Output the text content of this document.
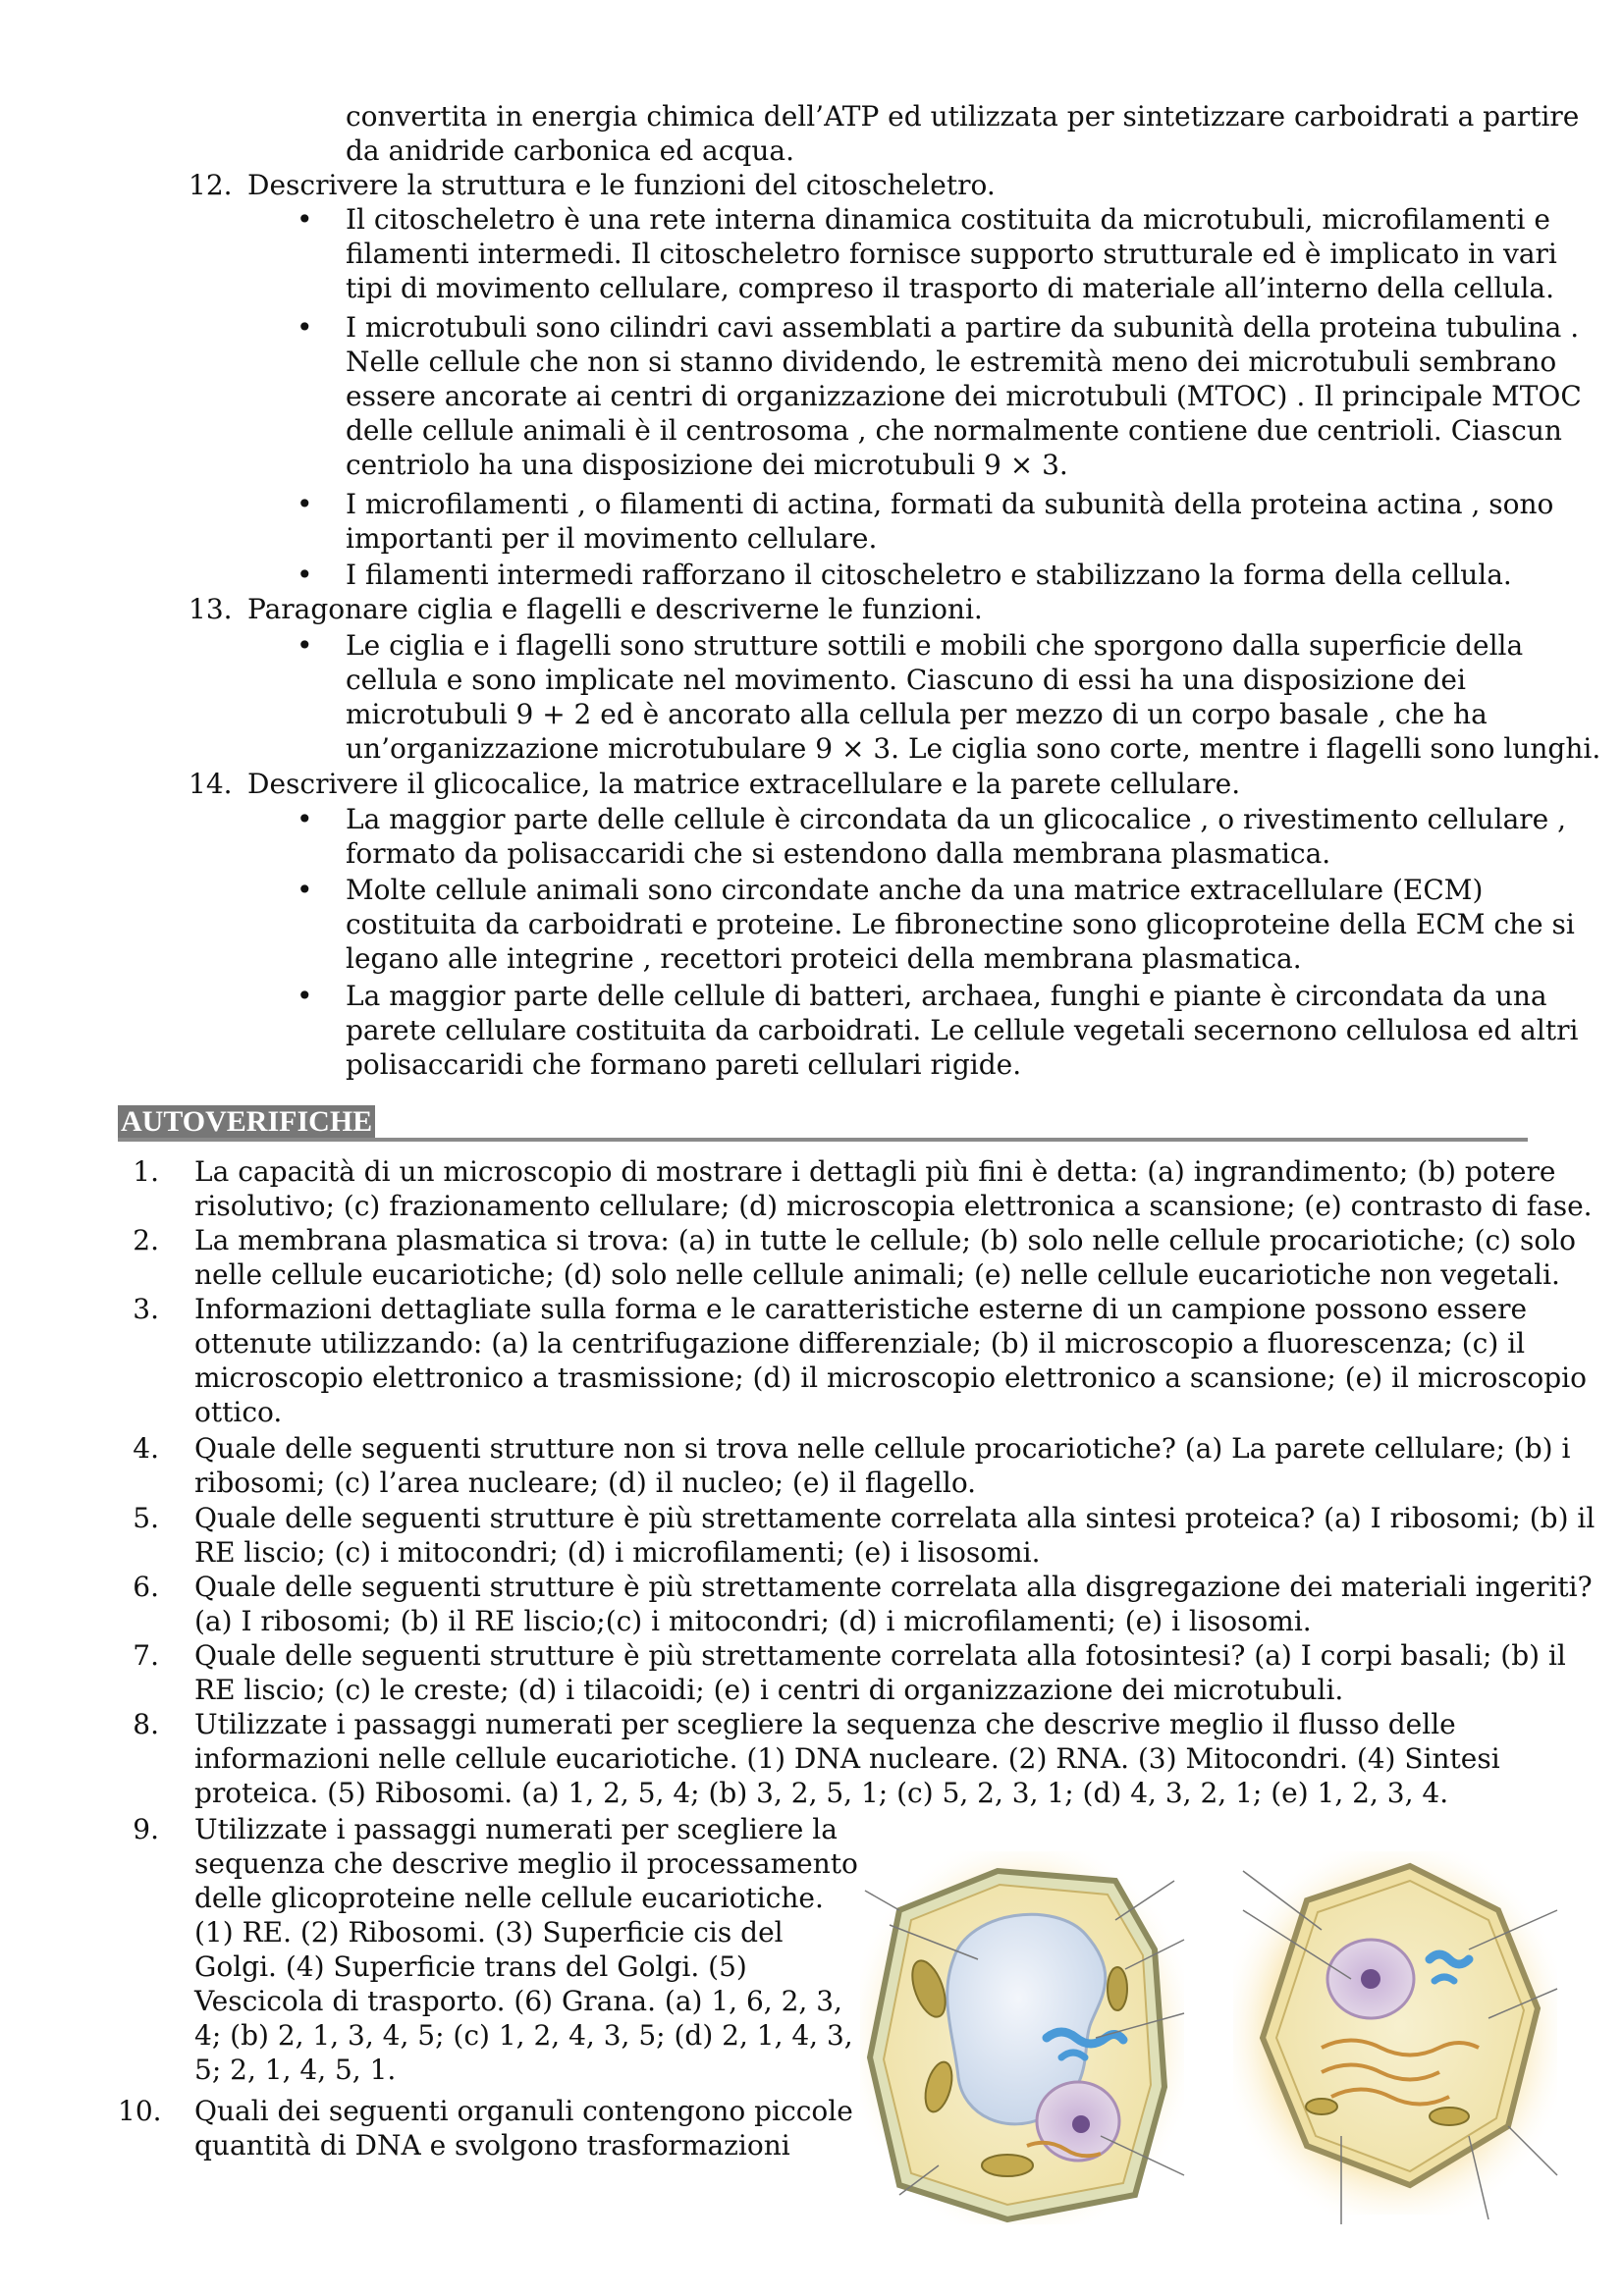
convertita in energia chimica dell’ATP ed utilizzata per sintetizzare carboidrati a partire
da anidride carbonica ed acqua.
12. Descrivere la struttura e le funzioni del citoscheletro.
• Il citoscheletro è una rete interna dinamica costituita da microtubuli, microfilamenti e
filamenti intermedi. Il citoscheletro fornisce supporto strutturale ed è implicato in vari
tipi di movimento cellulare, compreso il trasporto di materiale all’interno della cellula.
• I microtubuli sono cilindri cavi assemblati a partire da subunità della proteina tubulina .
Nelle cellule che non si stanno dividendo, le estremità meno dei microtubuli sembrano
essere ancorate ai centri di organizzazione dei microtubuli (MTOC) . Il principale MTOC
delle cellule animali è il centrosoma , che normalmente contiene due centrioli. Ciascun
centriolo ha una disposizione dei microtubuli 9 × 3.
• I microfilamenti , o filamenti di actina, formati da subunità della proteina actina , sono
importanti per il movimento cellulare.
• I filamenti intermedi rafforzano il citoscheletro e stabilizzano la forma della cellula.
13. Paragonare ciglia e flagelli e descriverne le funzioni.
• Le ciglia e i flagelli sono strutture sottili e mobili che sporgono dalla superficie della
cellula e sono implicate nel movimento. Ciascuno di essi ha una disposizione dei
microtubuli 9 + 2 ed è ancorato alla cellula per mezzo di un corpo basale , che ha
un’organizzazione microtubulare 9 × 3. Le ciglia sono corte, mentre i flagelli sono lunghi.
14. Descrivere il glicocalice, la matrice extracellulare e la parete cellulare.
• La maggior parte delle cellule è circondata da un glicocalice , o rivestimento cellulare ,
formato da polisaccaridi che si estendono dalla membrana plasmatica.
• Molte cellule animali sono circondate anche da una matrice extracellulare (ECM)
costituita da carboidrati e proteine. Le fibronectine sono glicoproteine della ECM che si
legano alle integrine , recettori proteici della membrana plasmatica.
• La maggior parte delle cellule di batteri, archaea, funghi e piante è circondata da una
parete cellulare costituita da carboidrati. Le cellule vegetali secernono cellulosa ed altri
polisaccaridi che formano pareti cellulari rigide.
AUTOVERIFICHE
1. La capacità di un microscopio di mostrare i dettagli più fini è detta: (a) ingrandimento; (b) potere
risolutivo; (c) frazionamento cellulare; (d) microscopia elettronica a scansione; (e) contrasto di fase.
2. La membrana plasmatica si trova: (a) in tutte le cellule; (b) solo nelle cellule procariotiche; (c) solo
nelle cellule eucariotiche; (d) solo nelle cellule animali; (e) nelle cellule eucariotiche non vegetali.
3. Informazioni dettagliate sulla forma e le caratteristiche esterne di un campione possono essere
ottenute utilizzando: (a) la centrifugazione differenziale; (b) il microscopio a fluorescenza; (c) il
microscopio elettronico a trasmissione; (d) il microscopio elettronico a scansione; (e) il microscopio
ottico.
4. Quale delle seguenti strutture non si trova nelle cellule procariotiche? (a) La parete cellulare; (b) i
ribosomi; (c) l’area nucleare; (d) il nucleo; (e) il flagello.
5. Quale delle seguenti strutture è più strettamente correlata alla sintesi proteica? (a) I ribosomi; (b) il
RE liscio; (c) i mitocondri; (d) i microfilamenti; (e) i lisosomi.
6. Quale delle seguenti strutture è più strettamente correlata alla disgregazione dei materiali ingeriti?
(a) I ribosomi; (b) il RE liscio;(c) i mitocondri; (d) i microfilamenti; (e) i lisosomi.
7. Quale delle seguenti strutture è più strettamente correlata alla fotosintesi? (a) I corpi basali; (b) il
RE liscio; (c) le creste; (d) i tilacoidi; (e) i centri di organizzazione dei microtubuli.
8. Utilizzate i passaggi numerati per scegliere la sequenza che descrive meglio il flusso delle
informazioni nelle cellule eucariotiche. (1) DNA nucleare. (2) RNA. (3) Mitocondri. (4) Sintesi
proteica. (5) Ribosomi. (a) 1, 2, 5, 4; (b) 3, 2, 5, 1; (c) 5, 2, 3, 1; (d) 4, 3, 2, 1; (e) 1, 2, 3, 4.
9. Utilizzate i passaggi numerati per scegliere la
sequenza che descrive meglio il processamento
delle glicoproteine nelle cellule eucariotiche.
(1) RE. (2) Ribosomi. (3) Superficie cis del
Golgi. (4) Superficie trans del Golgi. (5)
Vescicola di trasporto. (6) Grana. (a) 1, 6, 2, 3,
4; (b) 2, 1, 3, 4, 5; (c) 1, 2, 4, 3, 5; (d) 2, 1, 4, 3,
5; 2, 1, 4, 5, 1.
10. Quali dei seguenti organuli contengono piccole
quantità di DNA e svolgono trasformazioni
